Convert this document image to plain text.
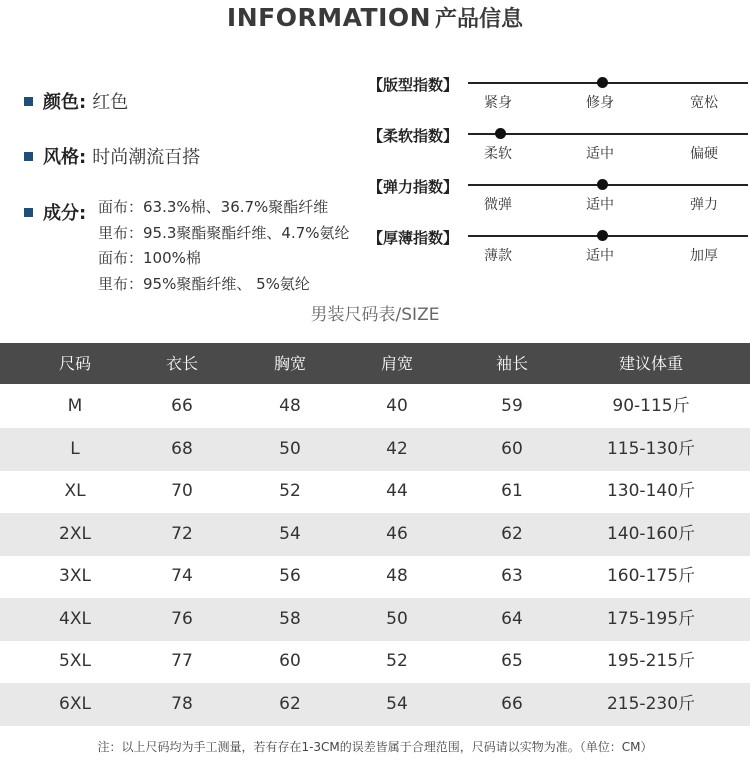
INFORMATION 产品信息
颜色: 红色
风格: 时尚潮流百搭
成分: 面布：63.3%棉、36.7%聚酯纤维
里布：95.3聚酯聚酯纤维、4.7%氨纶
面布：100%棉
里布：95%聚酯纤维、 5%氨纶
【版型指数】
紧身	修身	宽松
【柔软指数】
柔软	适中	偏硬
【弹力指数】
微弹	适中	弹力
【厚薄指数】
薄款	适中	加厚
男装尺码表/SIZE
尺码	衣长	胸宽	肩宽	袖长	建议体重
M	66	48	40	59	90-115斤
L	68	50	42	60	115-130斤
XL	70	52	44	61	130-140斤
2XL	72	54	46	62	140-160斤
3XL	74	56	48	63	160-175斤
4XL	76	58	50	64	175-195斤
5XL	77	60	52	65	195-215斤
6XL	78	62	54	66	215-230斤
注：以上尺码均为手工测量，若有存在1-3CM的误差皆属于合理范围，尺码请以实物为准。（单位：CM）
